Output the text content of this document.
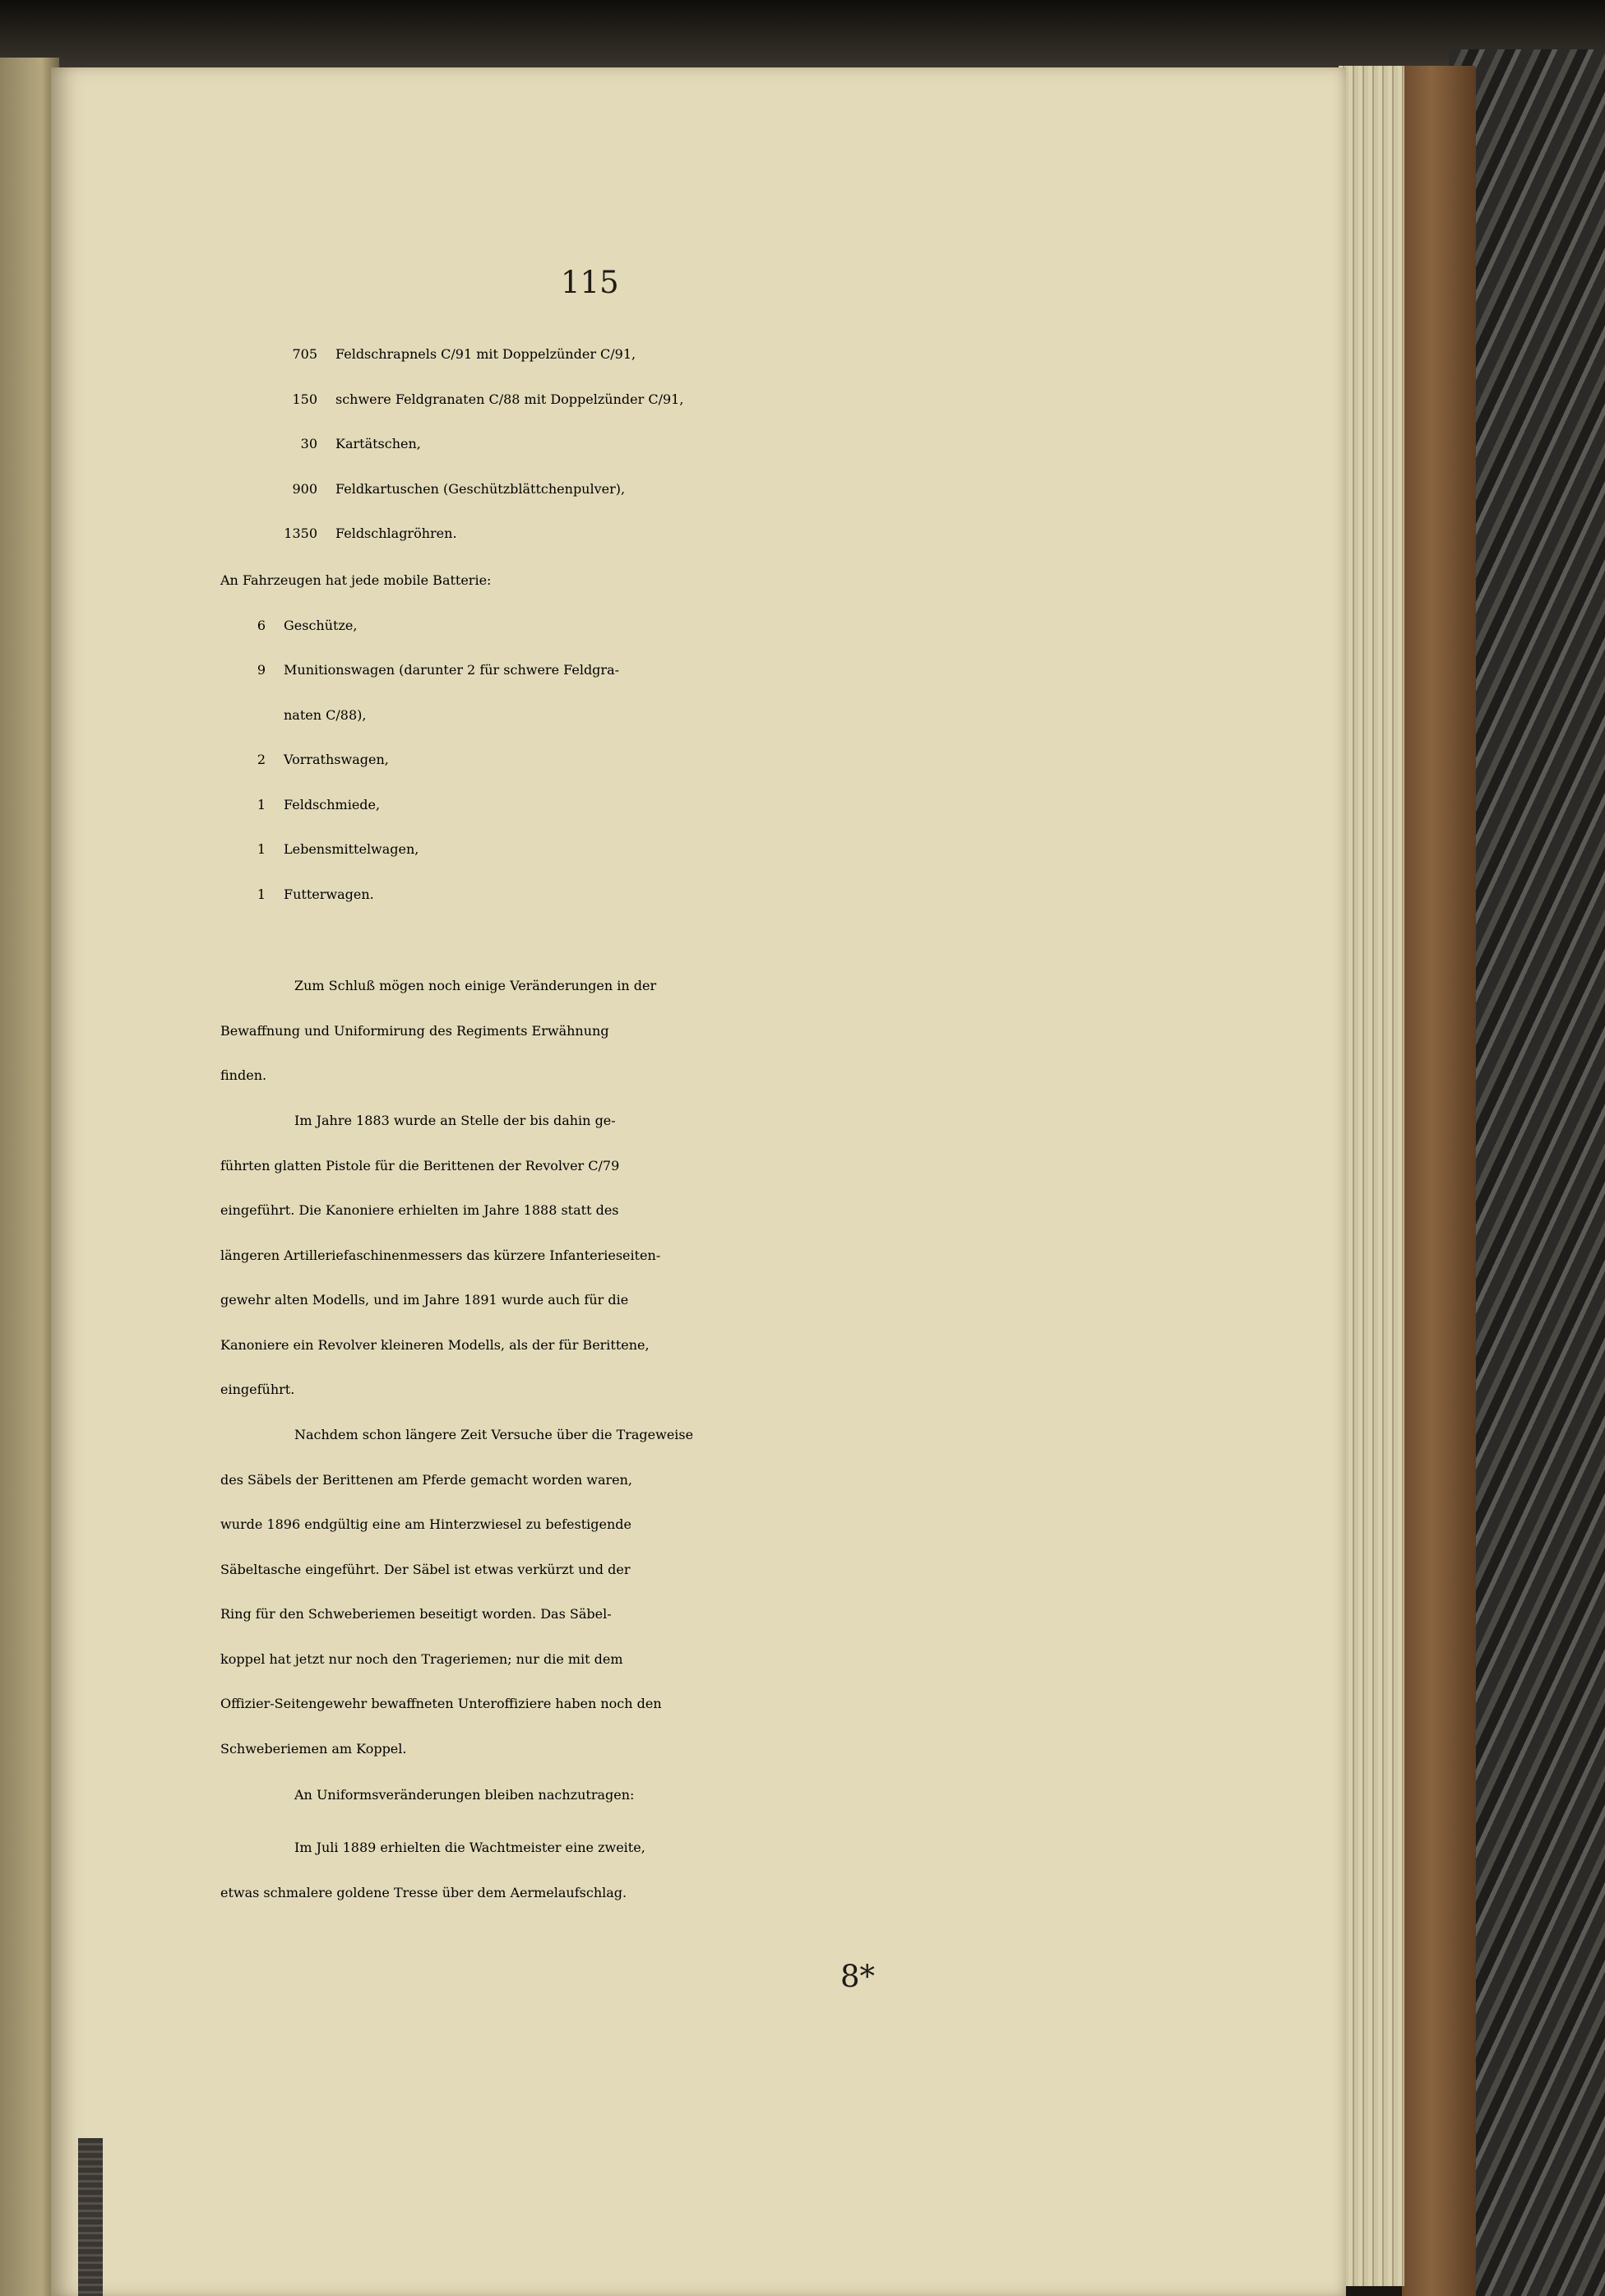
115
705 Feldschrapnels C/91 mit Doppelzünder C/91,
150 schwere Feldgranaten C/88 mit Doppelzünder C/91,
30 Kartätschen,
900 Feldkartuschen (Geschützblättchenpulver),
1350 Feldschlagröhren.
An Fahrzeugen hat jede mobile Batterie:
6 Geschütze,
9 Munitionswagen (darunter 2 für schwere Feldgra-
naten C/88),
2 Vorrathswagen,
1 Feldschmiede,
1 Lebensmittelwagen,
1 Futterwagen.
Zum Schluß mögen noch einige Veränderungen in der
Bewaffnung und Uniformirung des Regiments Erwähnung
finden.
Im Jahre 1883 wurde an Stelle der bis dahin ge-
führten glatten Pistole für die Berittenen der Revolver C/79
eingeführt. Die Kanoniere erhielten im Jahre 1888 statt des
längeren Artilleriefaschinenmessers das kürzere Infanterieseiten-
gewehr alten Modells, und im Jahre 1891 wurde auch für die
Kanoniere ein Revolver kleineren Modells, als der für Berittene,
eingeführt.
Nachdem schon längere Zeit Versuche über die Trageweise
des Säbels der Berittenen am Pferde gemacht worden waren,
wurde 1896 endgültig eine am Hinterzwiesel zu befestigende
Säbeltasche eingeführt. Der Säbel ist etwas verkürzt und der
Ring für den Schweberiemen beseitigt worden. Das Säbel-
koppel hat jetzt nur noch den Trageriemen; nur die mit dem
Offizier-Seitengewehr bewaffneten Unteroffiziere haben noch den
Schweberiemen am Koppel.
An Uniformsveränderungen bleiben nachzutragen:
Im Juli 1889 erhielten die Wachtmeister eine zweite,
etwas schmalere goldene Tresse über dem Aermelaufschlag.
8*
